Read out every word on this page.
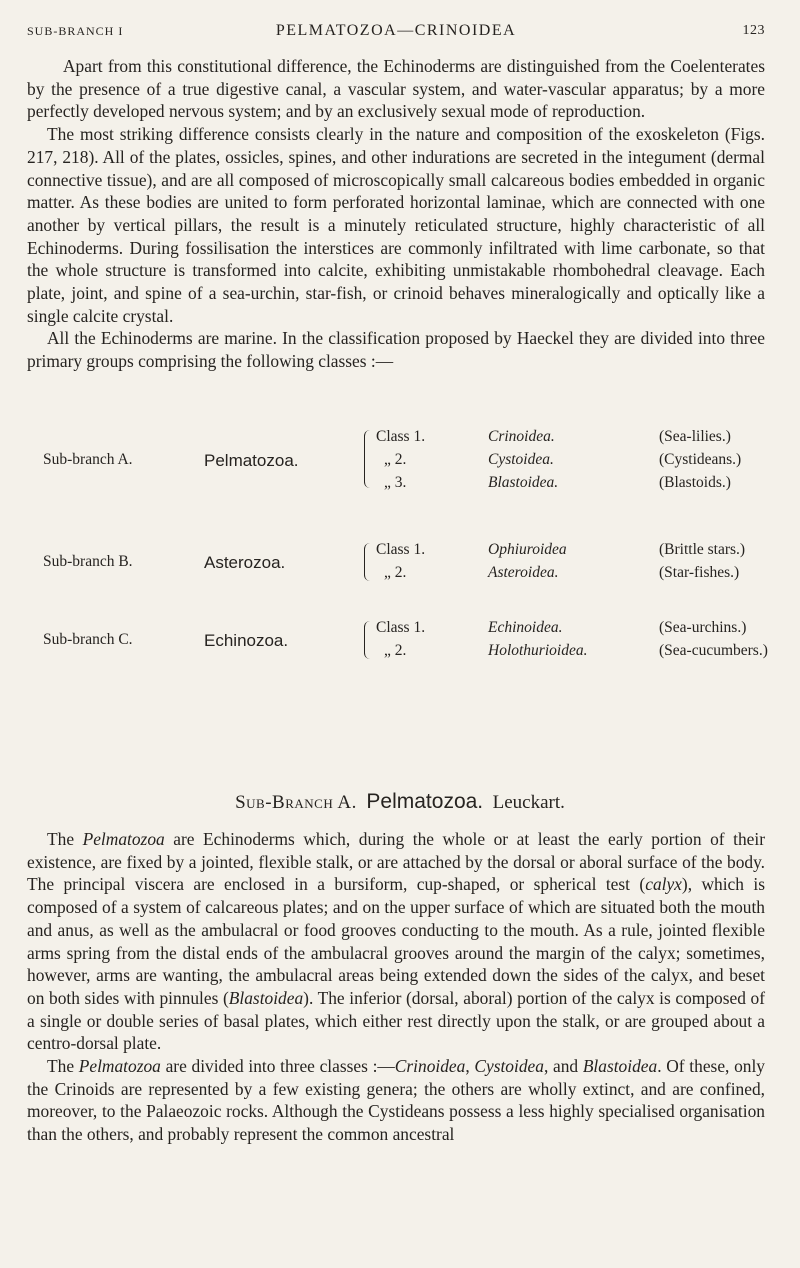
SUB-BRANCH I	PELMATOZOA—CRINOIDEA	123

Apart from this constitutional difference, the Echinoderms are distinguished from the Coelenterates by the presence of a true digestive canal, a vascular system, and water-vascular apparatus; by a more perfectly developed nervous system; and by an exclusively sexual mode of reproduction.

The most striking difference consists clearly in the nature and composition of the exoskeleton (Figs. 217, 218). All of the plates, ossicles, spines, and other indurations are secreted in the integument (dermal connective tissue), and are all composed of microscopically small calcareous bodies embedded in organic matter. As these bodies are united to form perforated horizontal laminae, which are connected with one another by vertical pillars, the result is a minutely reticulated structure, highly characteristic of all Echinoderms. During fossilisation the interstices are commonly infiltrated with lime carbonate, so that the whole structure is transformed into calcite, exhibiting unmistakable rhombohedral cleavage. Each plate, joint, and spine of a sea-urchin, star-fish, or crinoid behaves mineralogically and optically like a single calcite crystal.

All the Echinoderms are marine. In the classification proposed by Haeckel they are divided into three primary groups comprising the following classes :—

Sub-branch A.	Pelmatozoa.
Class 1.	Crinoidea.	(Sea-lilies.)
„ 2.	Cystoidea.	(Cystideans.)
„ 3.	Blastoidea.	(Blastoids.)
Sub-branch B.	Asterozoa.
Class 1.	Ophiuroidea	(Brittle stars.)
„ 2.	Asteroidea.	(Star-fishes.)
Sub-branch C.	Echinozoa.
Class 1.	Echinoidea.	(Sea-urchins.)
„ 2.	Holothurioidea.	(Sea-cucumbers.)
Sub-Branch A. Pelmatozoa. Leuckart.

The Pelmatozoa are Echinoderms which, during the whole or at least the early portion of their existence, are fixed by a jointed, flexible stalk, or are attached by the dorsal or aboral surface of the body. The principal viscera are enclosed in a bursiform, cup-shaped, or spherical test (calyx), which is composed of a system of calcareous plates; and on the upper surface of which are situated both the mouth and anus, as well as the ambulacral or food grooves conducting to the mouth. As a rule, jointed flexible arms spring from the distal ends of the ambulacral grooves around the margin of the calyx; sometimes, however, arms are wanting, the ambulacral areas being extended down the sides of the calyx, and beset on both sides with pinnules (Blastoidea). The inferior (dorsal, aboral) portion of the calyx is composed of a single or double series of basal plates, which either rest directly upon the stalk, or are grouped about a centro-dorsal plate.

The Pelmatozoa are divided into three classes :—Crinoidea, Cystoidea, and Blastoidea. Of these, only the Crinoids are represented by a few existing genera; the others are wholly extinct, and are confined, moreover, to the Palaeozoic rocks. Although the Cystideans possess a less highly specialised organisation than the others, and probably represent the common ancestral
